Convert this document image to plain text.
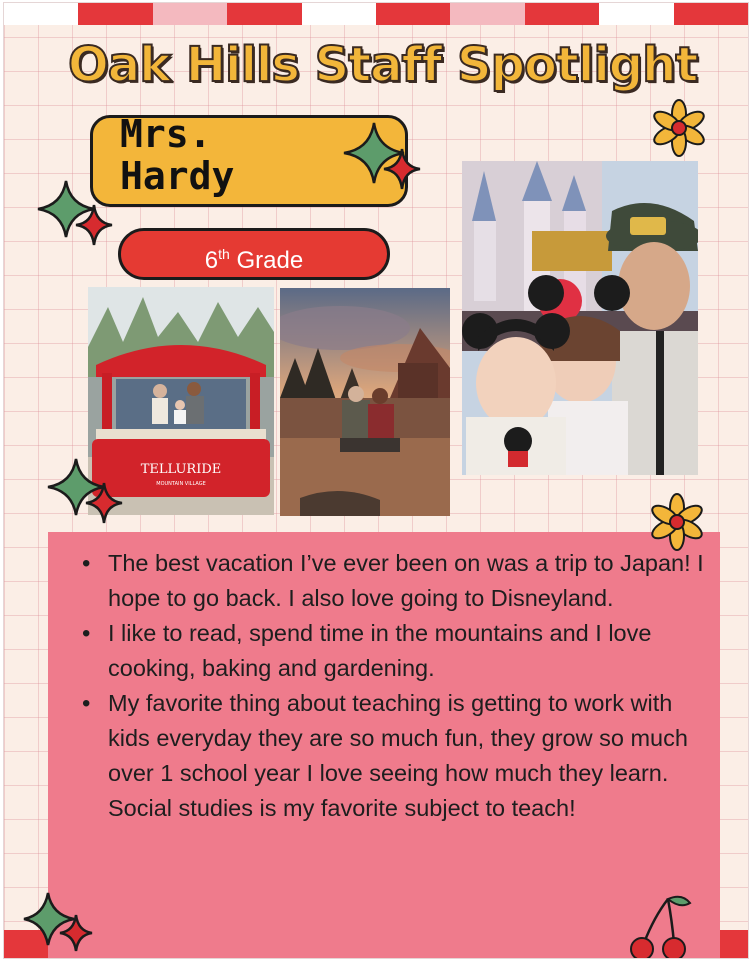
Oak Hills Staff Spotlight
Mrs.
Hardy
6th Grade
TELLURIDE
MOUNTAIN VILLAGE
• The best vacation I’ve ever been on was a trip to Japan! I hope to go back. I also love going to Disneyland.
• I like to read, spend time in the mountains and I love cooking, baking and gardening.
• My favorite thing about teaching is getting to work with kids everyday they are so much fun, they grow so much over 1 school year I love seeing how much they learn. Social studies is my favorite subject to teach!
